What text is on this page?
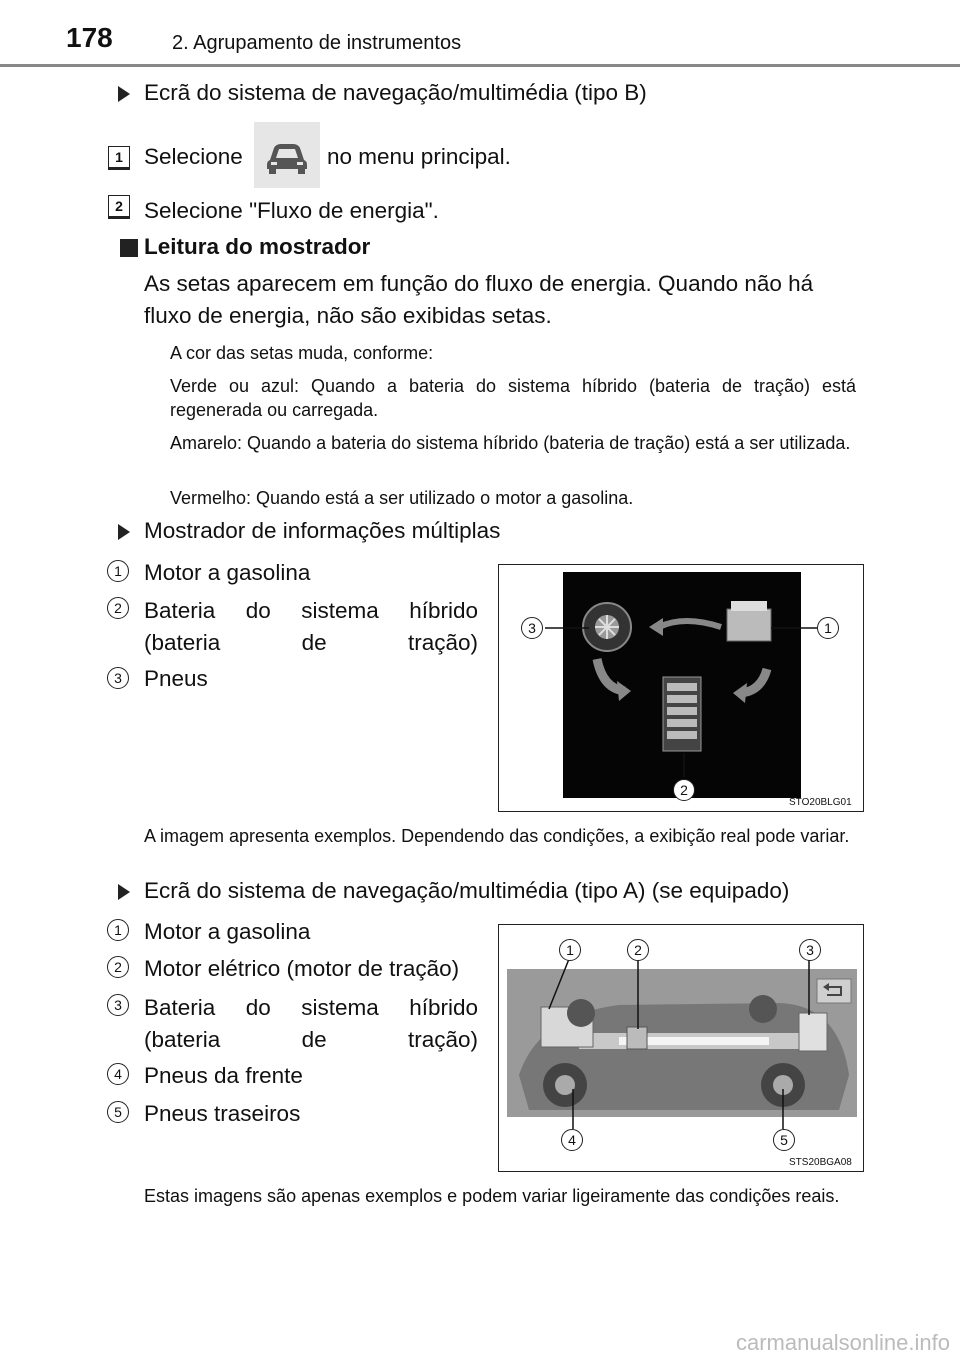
178	2. Agrupamento de instrumentos
Ecrã do sistema de navegação/multimédia (tipo B)
1 Selecione	no menu principal.
2 Selecione "Fluxo de energia".
Leitura do mostrador
As setas aparecem em função do fluxo de energia. Quando não há fluxo de energia, não são exibidas setas.
A cor das setas muda, conforme:
Verde ou azul: Quando a bateria do sistema híbrido (bateria de tração) está regenerada ou carregada.
Amarelo: Quando a bateria do sistema híbrido (bateria de tração) está a ser utilizada.
Vermelho: Quando está a ser utilizado o motor a gasolina.
Mostrador de informações múltiplas
1 Motor a gasolina
2 Bateria do sistema híbrido (bateria de tração)
3 Pneus
3	1
2
STO20BLG01
A imagem apresenta exemplos. Dependendo das condições, a exibição real pode variar.
Ecrã do sistema de navegação/multimédia (tipo A) (se equipado)
1 Motor a gasolina
2 Motor elétrico (motor de tração)
3 Bateria do sistema híbrido (bateria de tração)
4 Pneus da frente
5 Pneus traseiros
1	2	3
4	5
STS20BGA08
Estas imagens são apenas exemplos e podem variar ligeiramente das condições reais.
carmanualsonline.info
